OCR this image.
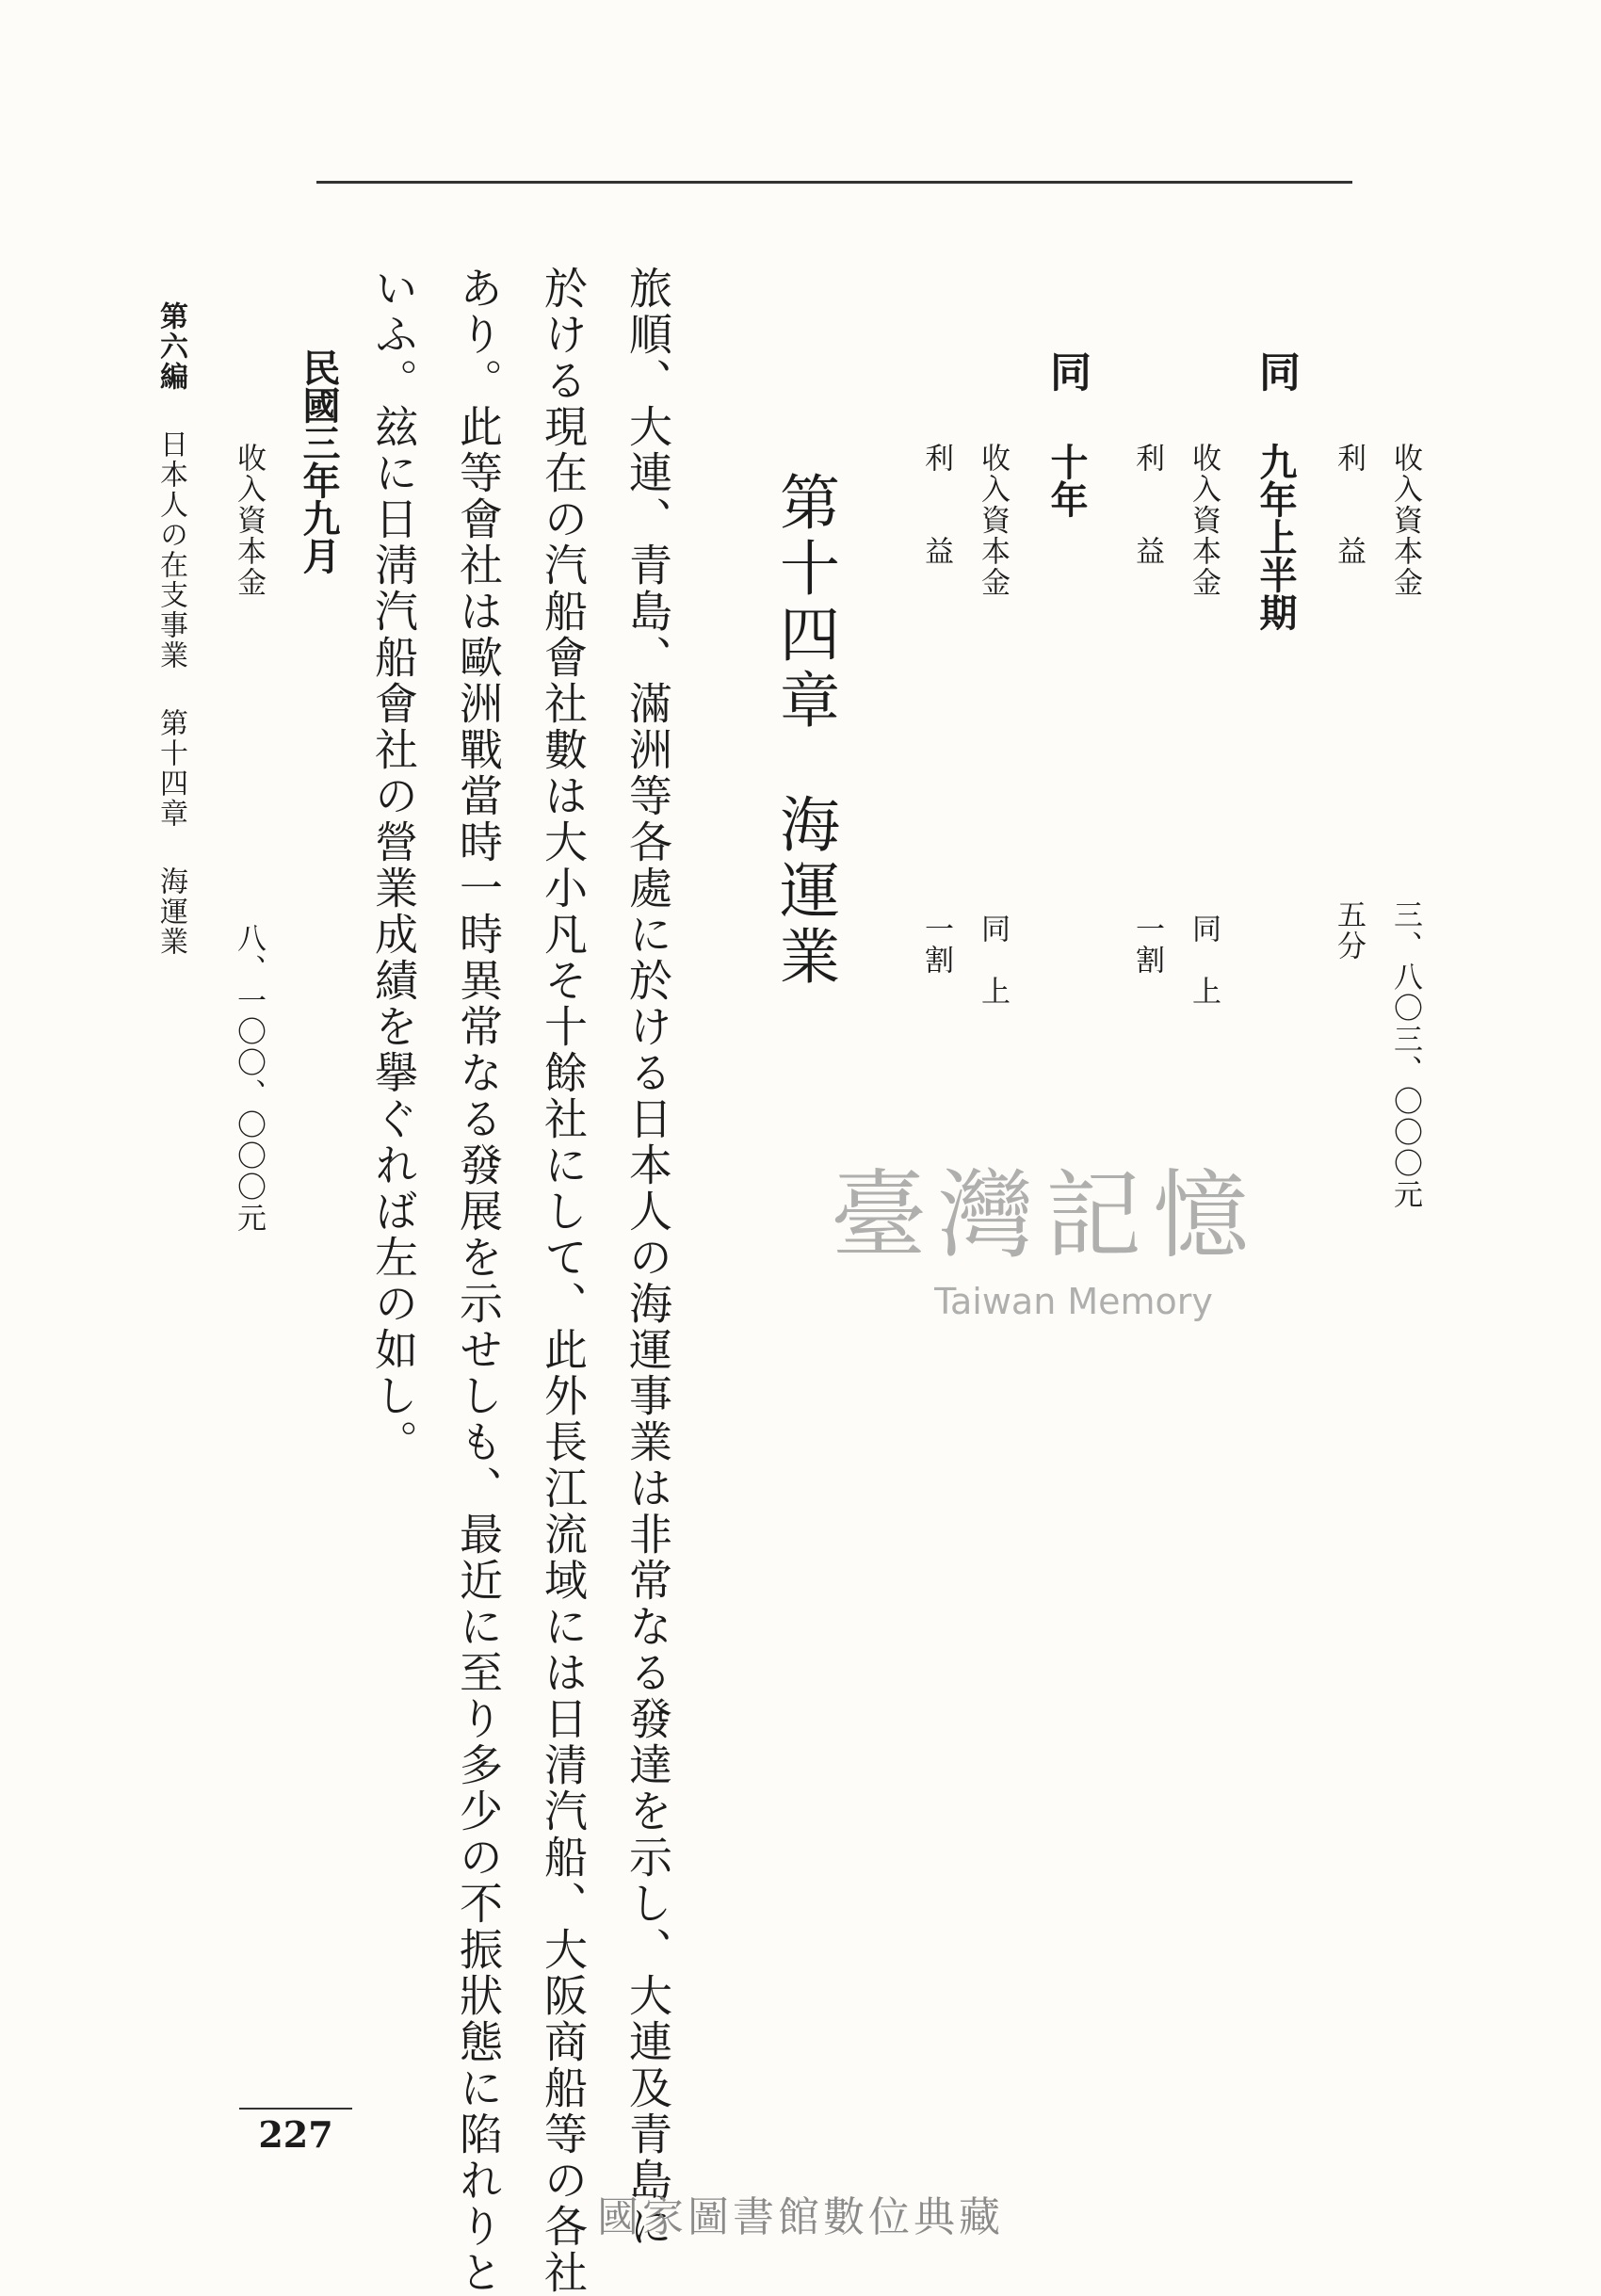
收入資本金
三、八〇三、〇〇〇元
利　　益
五分
同
九年上半期
收入資本金
同　上
利　　益
一割
同
十年
收入資本金
同　上
利　　益
一割
第十四章海運業
旅順、大連、青島、滿洲等各處に於ける日本人の海運事業は非常なる發達を示し、大連及青島に
於ける現在の汽船會社數は大小凡そ十餘社にして、此外長江流域には日清汽船、大阪商船等の各社
あり。此等會社は歐洲戰當時一時異常なる發展を示せしも、最近に至り多少の不振狀態に陷れりと
いふ。玆に日淸汽船會社の營業成績を擧ぐれば左の如し。
民國三年九月
收入資本金
八、一〇〇、〇〇〇元
第六編日本人の在支事業第十四章海運業
227
臺灣記憶
Taiwan Memory
國家圖書館數位典藏
